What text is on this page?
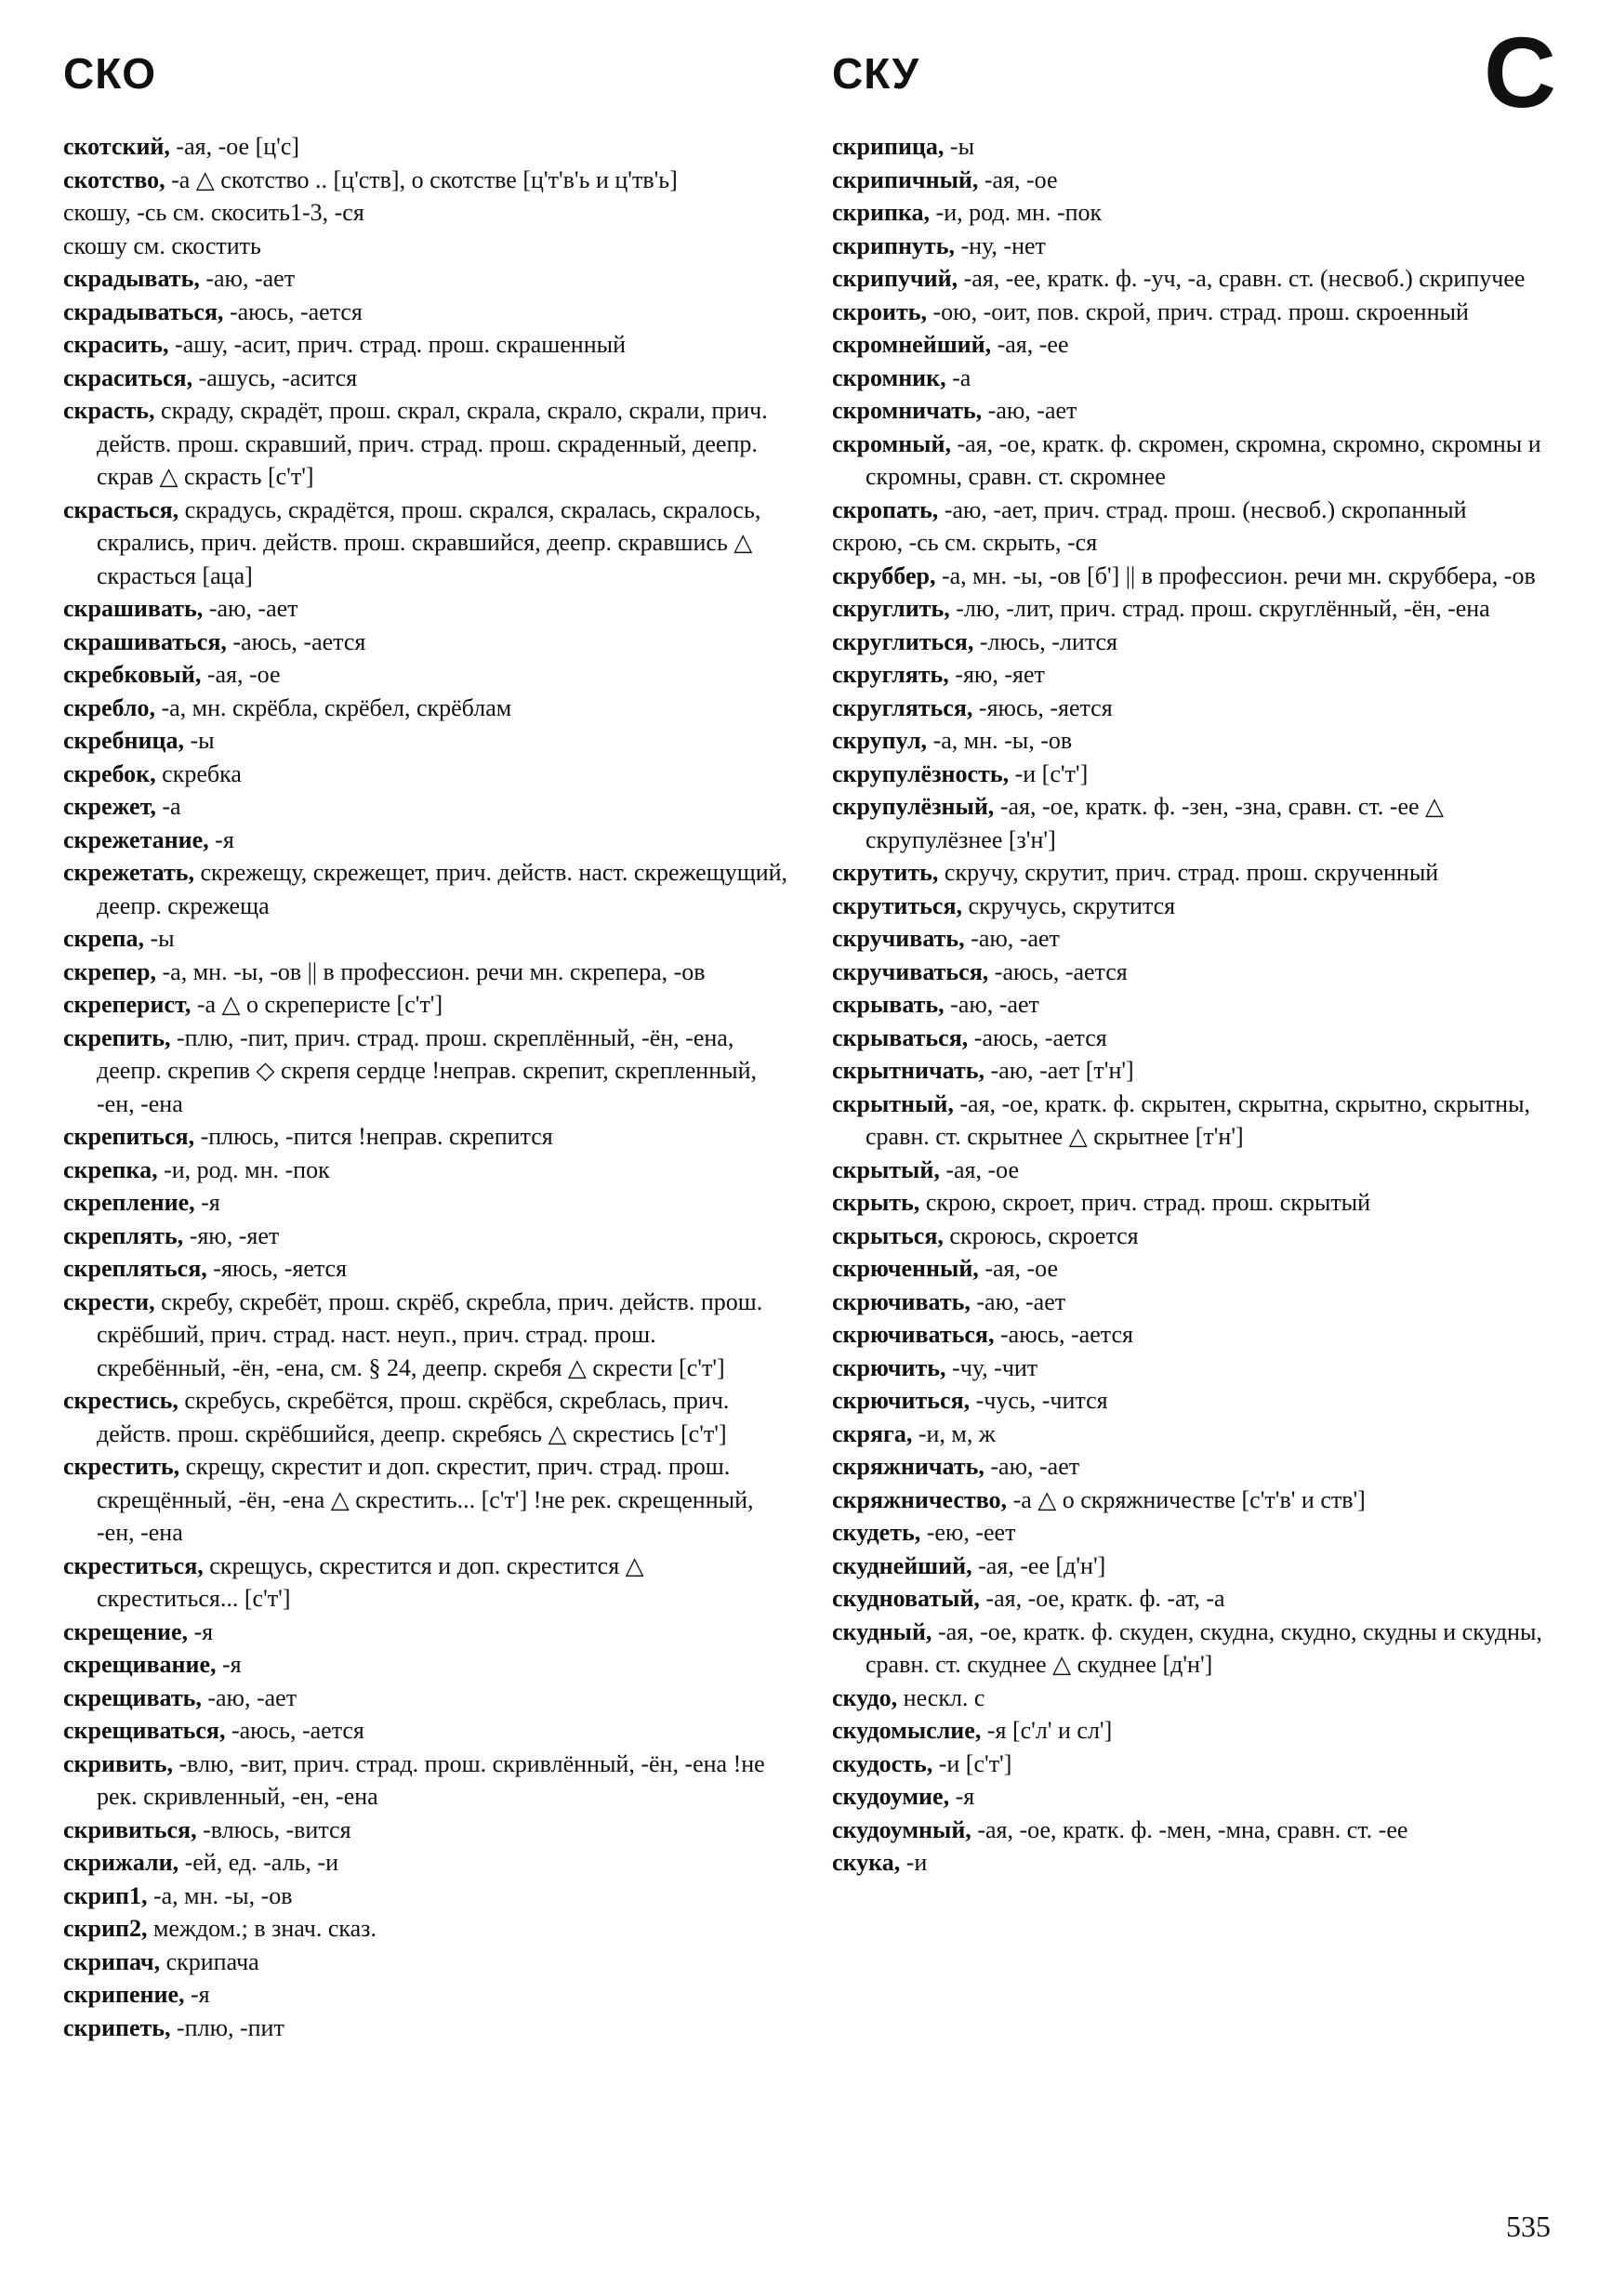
СКО	СКУ	С

скотский, -ая, -ое [ц'с]

скотство, -а △ скотство .. [ц'ств], о скотстве [ц'т'в'ь и ц'тв'ь]

скошу, -сь см. скосить1-3, -ся

скошу см. скостить

скрадывать, -аю, -ает

скрадываться, -аюсь, -ается

скрасить, -ашу, -асит, прич. страд. прош. скрашенный

скраситься, -ашусь, -асится

скрасть, скраду, скрадёт, прош. скрал, скрала, скрало, скрали, прич. действ. прош. скравший, прич. страд. прош. скраденный, деепр. скрав △ скрасть [с'т']

скрасться, скрадусь, скрадётся, прош. скрался, скралась, скралось, скрались, прич. действ. прош. скравшийся, деепр. скравшись △ скрасться [аца]

скрашивать, -аю, -ает

скрашиваться, -аюсь, -ается

скребковый, -ая, -ое

скребло, -а, мн. скрёбла, скрёбел, скрёблам

скребница, -ы

скребок, скребка

скрежет, -а

скрежетание, -я

скрежетать, скрежещу, скрежещет, прич. действ. наст. скрежещущий, деепр. скрежеща

скрепа, -ы

скрепер, -а, мн. -ы, -ов || в профессион. речи мн. скрепера, -ов

скреперист, -а △ о скреперисте [с'т']

скрепить, -плю, -пит, прич. страд. прош. скреплённый, -ён, -ена, деепр. скрепив ◇ скрепя сердце !неправ. скрепит, скрепленный, -ен, -ена

скрепиться, -плюсь, -пится !неправ. скрепится

скрепка, -и, род. мн. -пок

скрепление, -я

скреплять, -яю, -яет

скрепляться, -яюсь, -яется

скрести, скребу, скребёт, прош. скрёб, скребла, прич. действ. прош. скрёбший, прич. страд. наст. неуп., прич. страд. прош. скребённый, -ён, -ена, см. § 24, деепр. скребя △ скрести [с'т']

скрестись, скребусь, скребётся, прош. скрёбся, скреблась, прич. действ. прош. скрёбшийся, деепр. скребясь △ скрестись [с'т']

скрестить, скрещу, скрестит и доп. скрестит, прич. страд. прош. скрещённый, -ён, -ена △ скрестить... [с'т'] !не рек. скрещенный, -ен, -ена

скреститься, скрещусь, скрестится и доп. скрестится △ скреститься... [с'т']

скрещение, -я

скрещивание, -я

скрещивать, -аю, -ает

скрещиваться, -аюсь, -ается

скривить, -влю, -вит, прич. страд. прош. скривлённый, -ён, -ена !не рек. скривленный, -ен, -ена

скривиться, -влюсь, -вится

скрижали, -ей, ед. -аль, -и

скрип1, -а, мн. -ы, -ов

скрип2, междом.; в знач. сказ.

скрипач, скрипача

скрипение, -я

скрипеть, -плю, -пит

скрипица, -ы

скрипичный, -ая, -ое

скрипка, -и, род. мн. -пок

скрипнуть, -ну, -нет

скрипучий, -ая, -ее, кратк. ф. -уч, -а, сравн. ст. (несвоб.) скрипучее

скроить, -ою, -оит, пов. скрой, прич. страд. прош. скроенный

скромнейший, -ая, -ее

скромник, -а

скромничать, -аю, -ает

скромный, -ая, -ое, кратк. ф. скромен, скромна, скромно, скромны и скромны, сравн. ст. скромнее

скропать, -аю, -ает, прич. страд. прош. (несвоб.) скропанный

скрою, -сь см. скрыть, -ся

скруббер, -а, мн. -ы, -ов [б'] || в профессион. речи мн. скруббера, -ов

скруглить, -лю, -лит, прич. страд. прош. скруглённый, -ён, -ена

скруглиться, -люсь, -лится

скруглять, -яю, -яет

скругляться, -яюсь, -яется

скрупул, -а, мн. -ы, -ов

скрупулёзность, -и [с'т']

скрупулёзный, -ая, -ое, кратк. ф. -зен, -зна, сравн. ст. -ее △ скрупулёзнее [з'н']

скрутить, скручу, скрутит, прич. страд. прош. скрученный

скрутиться, скручусь, скрутится

скручивать, -аю, -ает

скручиваться, -аюсь, -ается

скрывать, -аю, -ает

скрываться, -аюсь, -ается

скрытничать, -аю, -ает [т'н']

скрытный, -ая, -ое, кратк. ф. скрытен, скрытна, скрытно, скрытны, сравн. ст. скрытнее △ скрытнее [т'н']

скрытый, -ая, -ое

скрыть, скрою, скроет, прич. страд. прош. скрытый

скрыться, скроюсь, скроется

скрюченный, -ая, -ое

скрючивать, -аю, -ает

скрючиваться, -аюсь, -ается

скрючить, -чу, -чит

скрючиться, -чусь, -чится

скряга, -и, м, ж

скряжничать, -аю, -ает

скряжничество, -а △ о скряжничестве [с'т'в' и ств']

скудеть, -ею, -еет

скуднейший, -ая, -ее [д'н']

скудноватый, -ая, -ое, кратк. ф. -ат, -а

скудный, -ая, -ое, кратк. ф. скуден, скудна, скудно, скудны и скудны, сравн. ст. скуднее △ скуднее [д'н']

скудо, нескл. с

скудомыслие, -я [с'л' и сл']

скудость, -и [с'т']

скудоумие, -я

скудоумный, -ая, -ое, кратк. ф. -мен, -мна, сравн. ст. -ее

скука, -и

535
